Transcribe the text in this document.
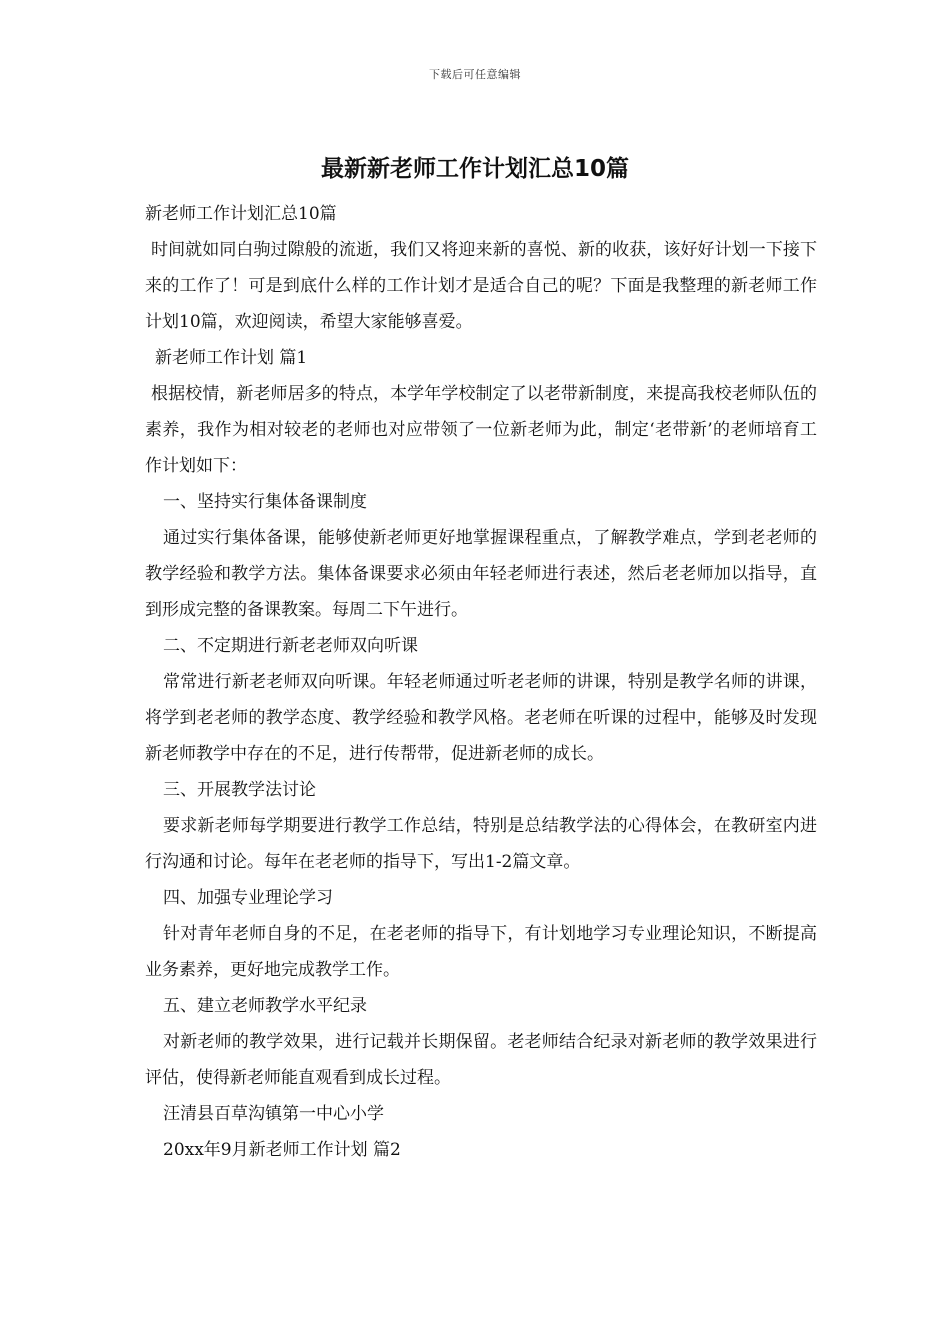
下载后可任意编辑
最新新老师工作计划汇总10篇

新老师工作计划汇总10篇

时间就如同白驹过隙般的流逝，我们又将迎来新的喜悦、新的收获，该好好计划一下接下来的工作了！可是到底什么样的工作计划才是适合自己的呢？下面是我整理的新老师工作计划10篇，欢迎阅读，希望大家能够喜爱。

新老师工作计划 篇1

根据校情，新老师居多的特点，本学年学校制定了以老带新制度，来提高我校老师队伍的素养，我作为相对较老的老师也对应带领了一位新老师为此，制定‘老带新’的老师培育工作计划如下：

一、坚持实行集体备课制度

通过实行集体备课，能够使新老师更好地掌握课程重点，了解教学难点，学到老老师的教学经验和教学方法。集体备课要求必须由年轻老师进行表述，然后老老师加以指导，直到形成完整的备课教案。每周二下午进行。

二、不定期进行新老老师双向听课

常常进行新老老师双向听课。年轻老师通过听老老师的讲课，特别是教学名师的讲课，将学到老老师的教学态度、教学经验和教学风格。老老师在听课的过程中，能够及时发现新老师教学中存在的不足，进行传帮带，促进新老师的成长。

三、开展教学法讨论

要求新老师每学期要进行教学工作总结，特别是总结教学法的心得体会，在教研室内进行沟通和讨论。每年在老老师的指导下，写出1-2篇文章。

四、加强专业理论学习

针对青年老师自身的不足，在老老师的指导下，有计划地学习专业理论知识，不断提高业务素养，更好地完成教学工作。

五、建立老师教学水平纪录

对新老师的教学效果，进行记载并长期保留。老老师结合纪录对新老师的教学效果进行评估，使得新老师能直观看到成长过程。

汪清县百草沟镇第一中心小学

20xx年9月新老师工作计划 篇2
